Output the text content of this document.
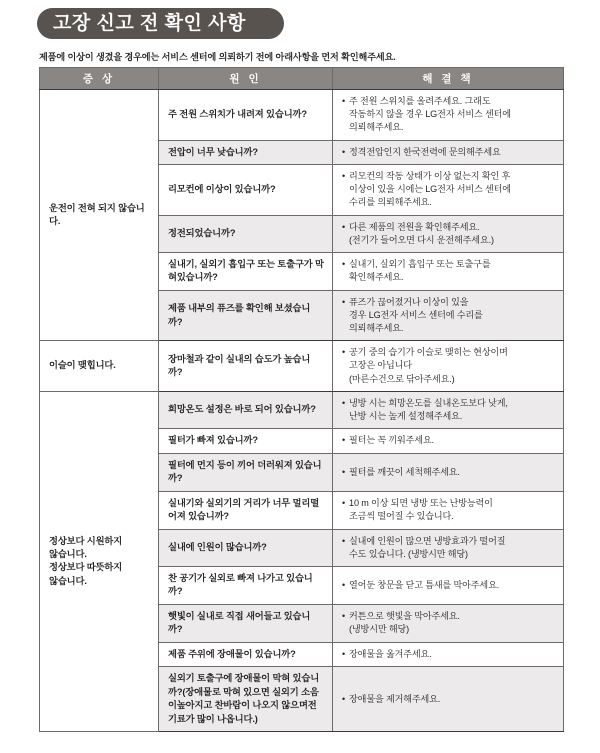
고장 신고 전 확인 사항
제품에 이상이 생겼을 경우에는 서비스 센터에 의뢰하기 전에 아래사항을 먼저 확인해주세요.
증 상	원 인	해 결 책

운전이 전혀 되지 않습니다.	주 전원 스위치가 내려져 있습니까?	• 주 전원 스위치를 올려주세요. 그래도
작동하지 않을 경우 LG전자 서비스 센터에
의뢰해주세요.

	전압이 너무 낮습니까?	• 정격전압인지 한국전력에 문의해주세요

	리모컨에 이상이 있습니까?	• 리모컨의 작동 상태가 이상 없는지 확인 후
이상이 있을 시에는 LG전자 서비스 센터에
수리를 의뢰해주세요.

	정전되었습니까?	• 다른 제품의 전원을 확인해주세요.
(전기가 들어오면 다시 운전해주세요.)

	실내기, 실외기 흡입구 또는 토출구가 막혀있습니까?	• 실내기, 실외기 흡입구 또는 토출구를
확인해주세요.

	제품 내부의 퓨즈를 확인해 보셨습니까?	• 퓨즈가 끊어졌거나 이상이 있을
경우 LG전자 서비스 센터에 수리를
의뢰해주세요.

이슬이 맺힙니다.	장마철과 같이 실내의 습도가 높습니까?	• 공기 중의 습기가 이슬로 맺히는 현상이며
고장은 아닙니다
(마른수건으로 닦아주세요.)

정상보다 시원하지
않습니다.
정상보다 따뜻하지
않습니다.	희망온도 설정은 바로 되어 있습니까?	• 냉방 시는 희망온도를 실내온도보다 낮게,
난방 시는 높게 설정해주세요.

	필터가 빠져 있습니까?	• 필터는 꼭 끼워주세요.

	필터에 먼지 등이 끼어 더러워져 있습니까?	• 필터를 깨끗이 세척해주세요.

	실내기와 실외기의 거리가 너무 멀리떨어져 있습니까?	• 10 m 이상 되면 냉방 또는 난방능력이
조금씩 떨어질 수 있습니다.

	실내에 인원이 많습니까?	• 실내에 인원이 많으면 냉방효과가 떨어질
수도 있습니다. (냉방시만 해당)

	찬 공기가 실외로 빠져 나가고 있습니까?	• 열어둔 창문을 닫고 틈새를 막아주세요.

	햇빛이 실내로 직접 새어들고 있습니까?	• 커튼으로 햇빛을 막아주세요.
(냉방시만 해당)

	제품 주위에 장애물이 있습니까?	• 장애물을 옮겨주세요.

	실외기 토출구에 장애물이 막혀 있습니까?(장애물로 막혀 있으면 실외기 소음이높아지고 찬바람이 나오지 않으며전기료가 많이 나옵니다.)	• 장애물을 제거해주세요.
